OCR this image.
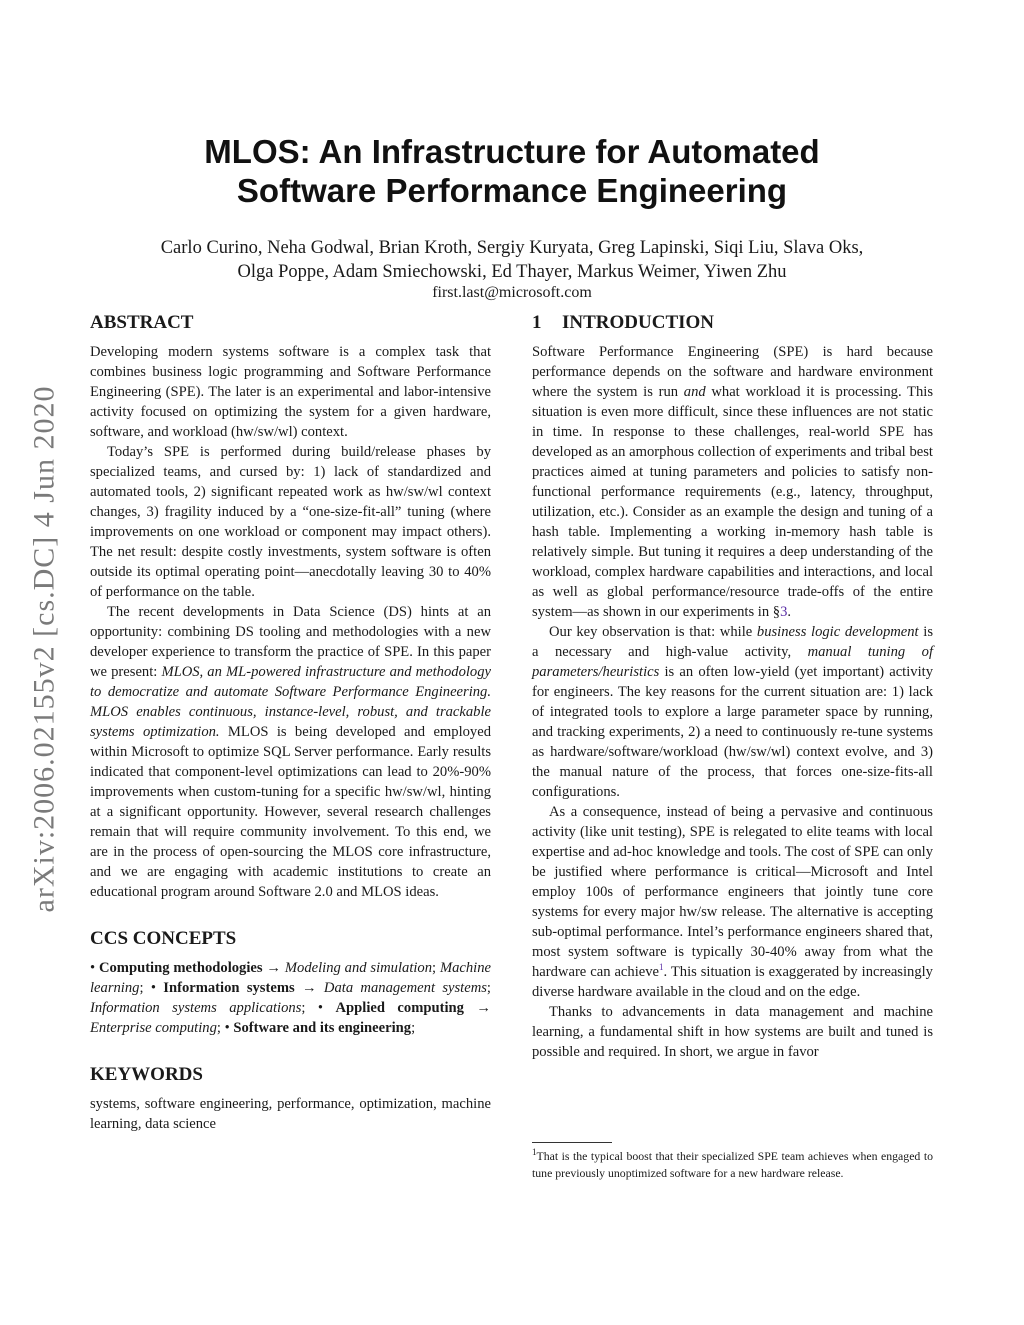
arXiv:2006.02155v2 [cs.DC] 4 Jun 2020
MLOS: An Infrastructure for Automated
Software Performance Engineering
Carlo Curino, Neha Godwal, Brian Kroth, Sergiy Kuryata, Greg Lapinski, Siqi Liu, Slava Oks,
Olga Poppe, Adam Smiechowski, Ed Thayer, Markus Weimer, Yiwen Zhu
first.last@microsoft.com
ABSTRACT

Developing modern systems software is a complex task that combines business logic programming and Software Performance Engineering (SPE). The later is an experimental and labor-intensive activity focused on optimizing the system for a given hardware, software, and workload (hw/sw/wl) context.

Today’s SPE is performed during build/release phases by specialized teams, and cursed by: 1) lack of standardized and automated tools, 2) significant repeated work as hw/sw/wl context changes, 3) fragility induced by a “one-size-fit-all” tuning (where improvements on one workload or component may impact others). The net result: despite costly investments, system software is often outside its optimal operating point—anecdotally leaving 30 to 40% of performance on the table.

The recent developments in Data Science (DS) hints at an opportunity: combining DS tooling and methodologies with a new developer experience to transform the practice of SPE. In this paper we present: MLOS, an ML-powered infrastructure and methodology to democratize and automate Software Performance Engineering. MLOS enables continuous, instance-level, robust, and trackable systems optimization. MLOS is being developed and employed within Microsoft to optimize SQL Server performance. Early results indicated that component-level optimizations can lead to 20%-90% improvements when custom-tuning for a specific hw/sw/wl, hinting at a significant opportunity. However, several research challenges remain that will require community involvement. To this end, we are in the process of open-sourcing the MLOS core infrastructure, and we are engaging with academic institutions to create an educational program around Software 2.0 and MLOS ideas.

CCS CONCEPTS

• Computing methodologies → Modeling and simulation; Machine learning; • Information systems → Data management systems; Information systems applications; • Applied computing → Enterprise computing; • Software and its engineering;

KEYWORDS

systems, software engineering, performance, optimization, machine learning, data science

1 INTRODUCTION

Software Performance Engineering (SPE) is hard because performance depends on the software and hardware environment where the system is run and what workload it is processing. This situation is even more difficult, since these influences are not static in time. In response to these challenges, real-world SPE has developed as an amorphous collection of experiments and tribal best practices aimed at tuning parameters and policies to satisfy non-functional performance requirements (e.g., latency, throughput, utilization, etc.). Consider as an example the design and tuning of a hash table. Implementing a working in-memory hash table is relatively simple. But tuning it requires a deep understanding of the workload, complex hardware capabilities and interactions, and local as well as global performance/resource trade-offs of the entire system—as shown in our experiments in §3.

Our key observation is that: while business logic development is a necessary and high-value activity, manual tuning of parameters/heuristics is an often low-yield (yet important) activity for engineers. The key reasons for the current situation are: 1) lack of integrated tools to explore a large parameter space by running, and tracking experiments, 2) a need to continuously re-tune systems as hardware/software/workload (hw/sw/wl) context evolve, and 3) the manual nature of the process, that forces one-size-fits-all configurations.

As a consequence, instead of being a pervasive and continuous activity (like unit testing), SPE is relegated to elite teams with local expertise and ad-hoc knowledge and tools. The cost of SPE can only be justified where performance is critical—Microsoft and Intel employ 100s of performance engineers that jointly tune core systems for every major hw/sw release. The alternative is accepting sub-optimal performance. Intel’s performance engineers shared that, most system software is typically 30-40% away from what the hardware can achieve$^1$. This situation is exaggerated by increasingly diverse hardware available in the cloud and on the edge.

Thanks to advancements in data management and machine learning, a fundamental shift in how systems are built and tuned is possible and required. In short, we argue in favor

$^1$That is the typical boost that their specialized SPE team achieves when engaged to tune previously unoptimized software for a new hardware release.
